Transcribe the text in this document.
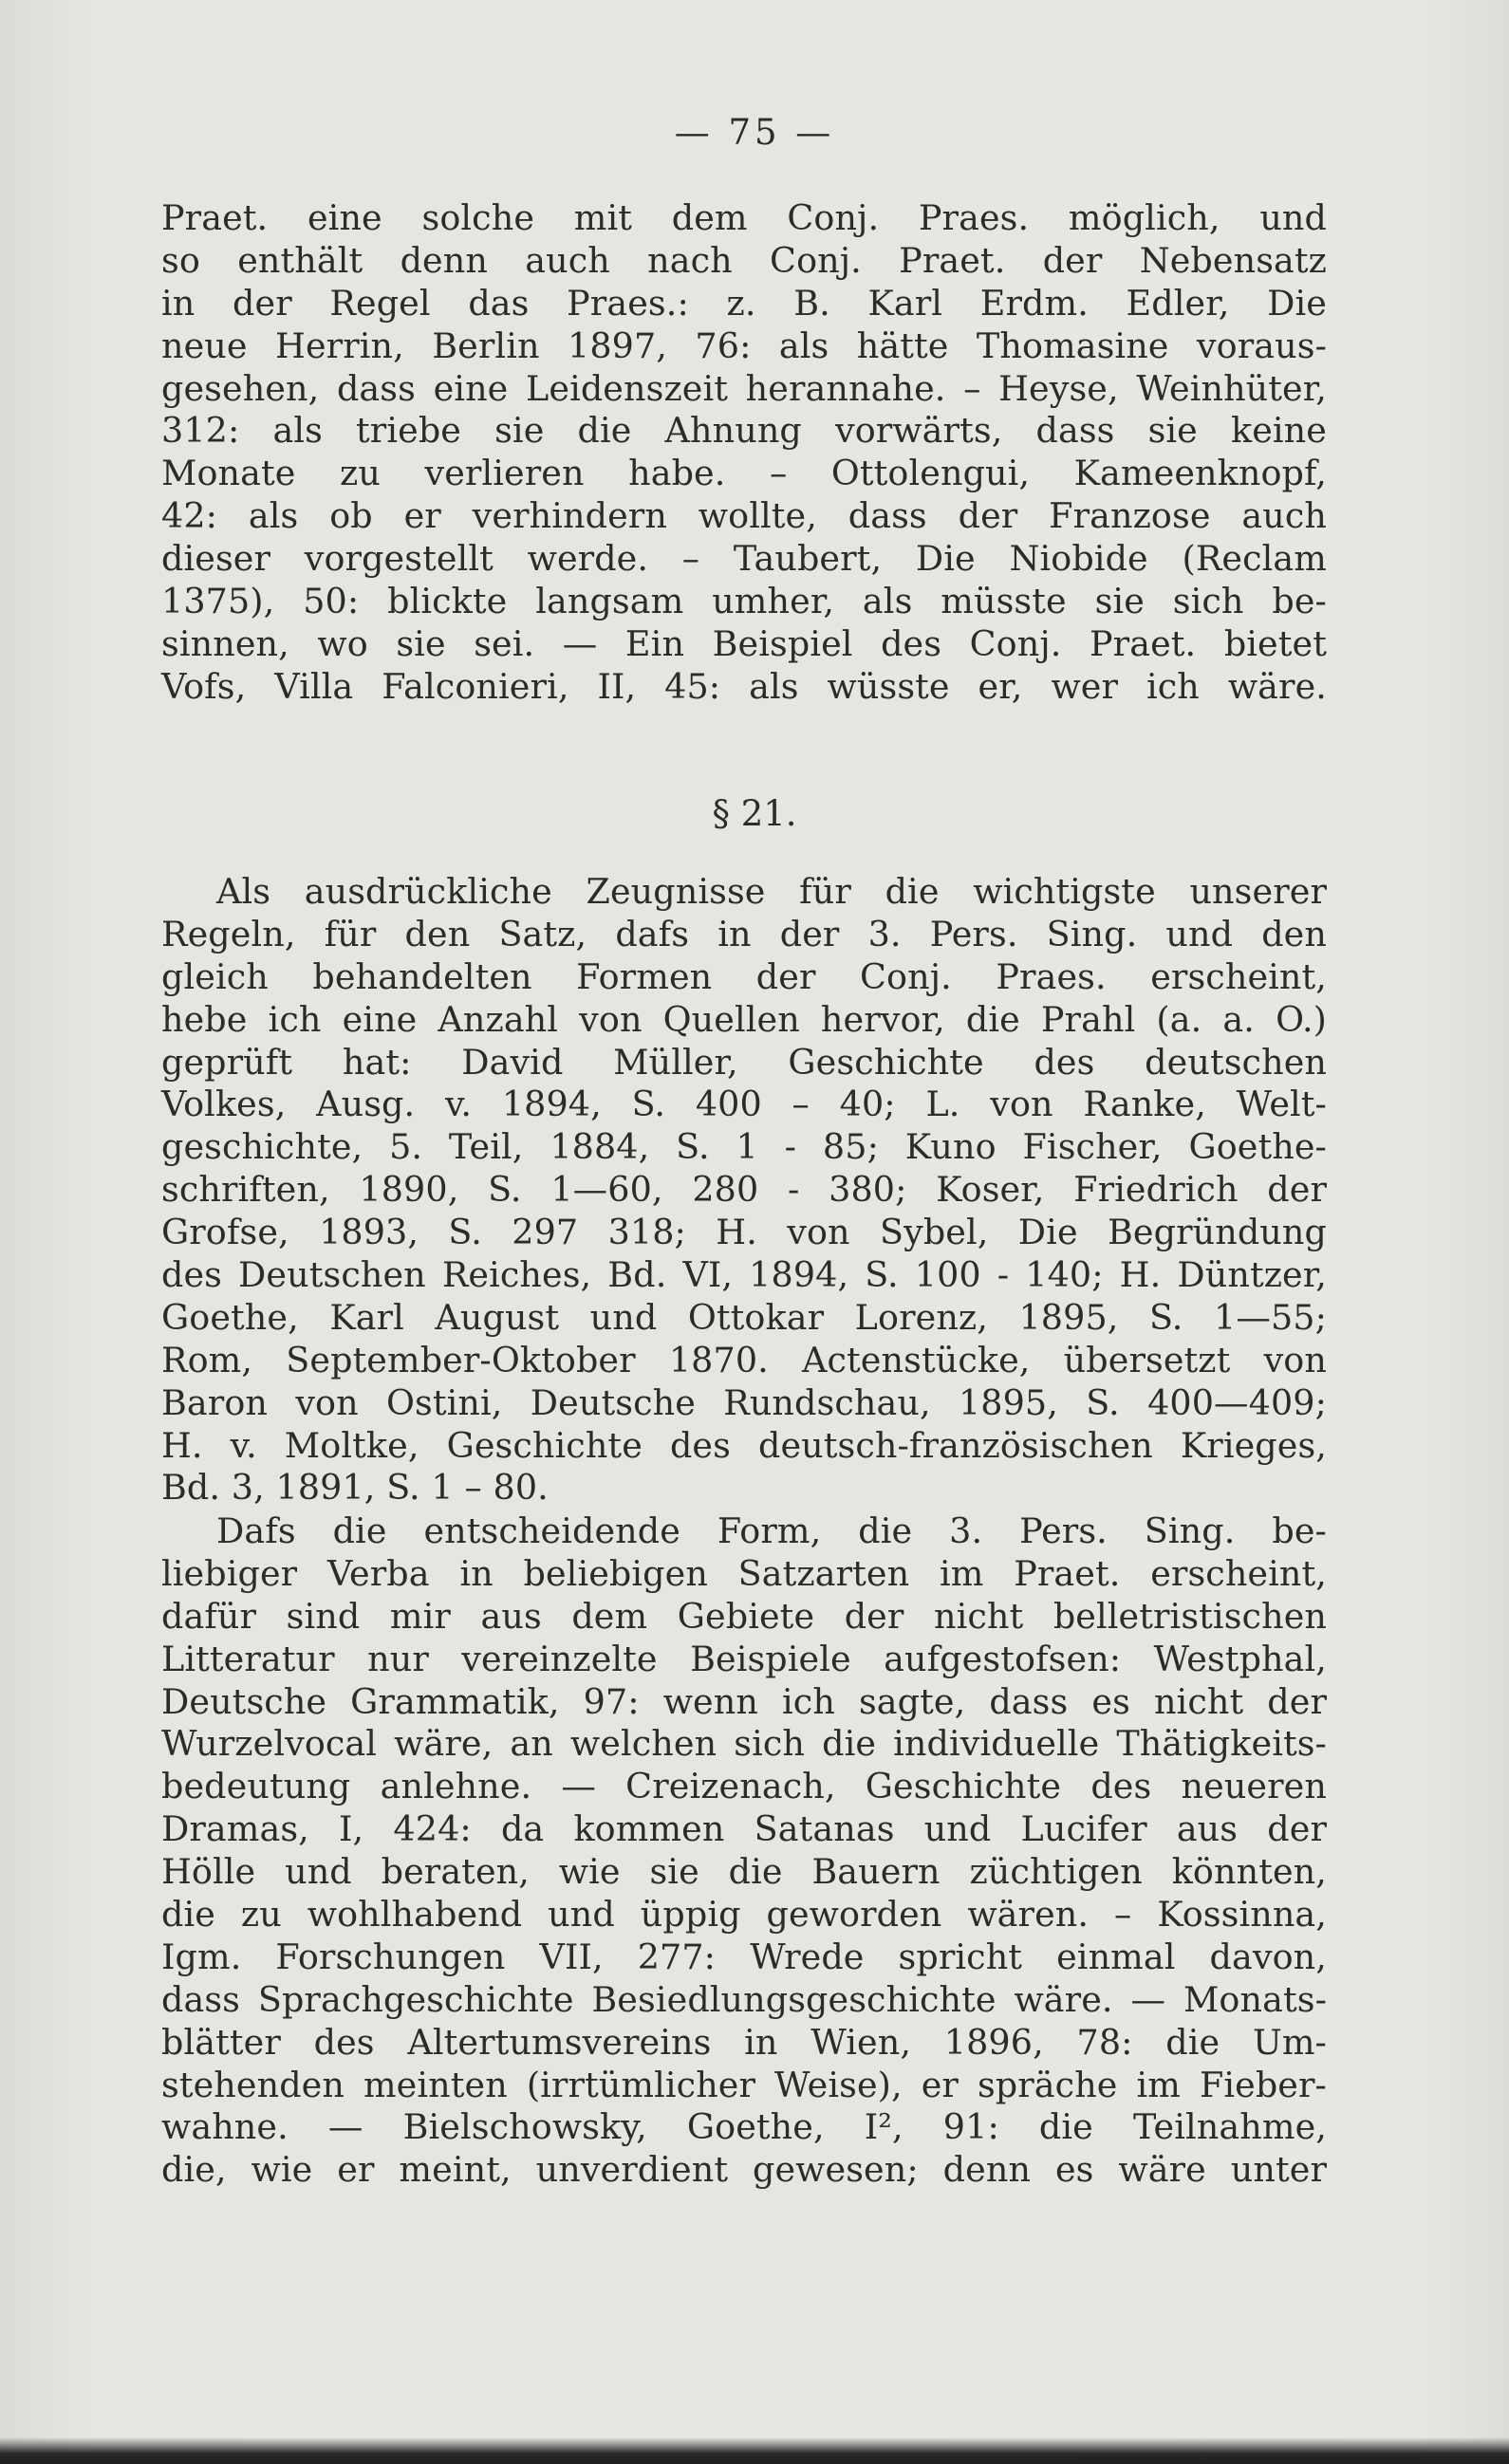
— 75 —
Praet. eine solche mit dem Conj. Praes. möglich, und
so enthält denn auch nach Conj. Praet. der Nebensatz
in der Regel das Praes.: z. B. Karl Erdm. Edler, Die
neue Herrin, Berlin 1897, 76: als hätte Thomasine voraus-
gesehen, dass eine Leidenszeit herannahe. – Heyse, Weinhüter,
312: als triebe sie die Ahnung vorwärts, dass sie keine
Monate zu verlieren habe. – Ottolengui, Kameenknopf,
42: als ob er verhindern wollte, dass der Franzose auch
dieser vorgestellt werde. – Taubert, Die Niobide (Reclam
1375), 50: blickte langsam umher, als müsste sie sich be-
sinnen, wo sie sei. — Ein Beispiel des Conj. Praet. bietet
Vofs, Villa Falconieri, II, 45: als wüsste er, wer ich wäre.
§ 21.
Als ausdrückliche Zeugnisse für die wichtigste unserer
Regeln, für den Satz, dafs in der 3. Pers. Sing. und den
gleich behandelten Formen der Conj. Praes. erscheint,
hebe ich eine Anzahl von Quellen hervor, die Prahl (a. a. O.)
geprüft hat: David Müller, Geschichte des deutschen
Volkes, Ausg. v. 1894, S. 400 – 40; L. von Ranke, Welt-
geschichte, 5. Teil, 1884, S. 1 - 85; Kuno Fischer, Goethe-
schriften, 1890, S. 1—60, 280 - 380; Koser, Friedrich der
Grofse, 1893, S. 297 318; H. von Sybel, Die Begründung
des Deutschen Reiches, Bd. VI, 1894, S. 100 - 140; H. Düntzer,
Goethe, Karl August und Ottokar Lorenz, 1895, S. 1—55;
Rom, September-Oktober 1870. Actenstücke, übersetzt von
Baron von Ostini, Deutsche Rundschau, 1895, S. 400—409;
H. v. Moltke, Geschichte des deutsch-französischen Krieges,
Bd. 3, 1891, S. 1 – 80.
Dafs die entscheidende Form, die 3. Pers. Sing. be-
liebiger Verba in beliebigen Satzarten im Praet. erscheint,
dafür sind mir aus dem Gebiete der nicht belletristischen
Litteratur nur vereinzelte Beispiele aufgestofsen: Westphal,
Deutsche Grammatik, 97: wenn ich sagte, dass es nicht der
Wurzelvocal wäre, an welchen sich die individuelle Thätigkeits-
bedeutung anlehne. — Creizenach, Geschichte des neueren
Dramas, I, 424: da kommen Satanas und Lucifer aus der
Hölle und beraten, wie sie die Bauern züchtigen könnten,
die zu wohlhabend und üppig geworden wären. – Kossinna,
Igm. Forschungen VII, 277: Wrede spricht einmal davon,
dass Sprachgeschichte Besiedlungsgeschichte wäre. — Monats-
blätter des Altertumsvereins in Wien, 1896, 78: die Um-
stehenden meinten (irrtümlicher Weise), er spräche im Fieber-
wahne. — Bielschowsky, Goethe, I², 91: die Teilnahme,
die, wie er meint, unverdient gewesen; denn es wäre unter
